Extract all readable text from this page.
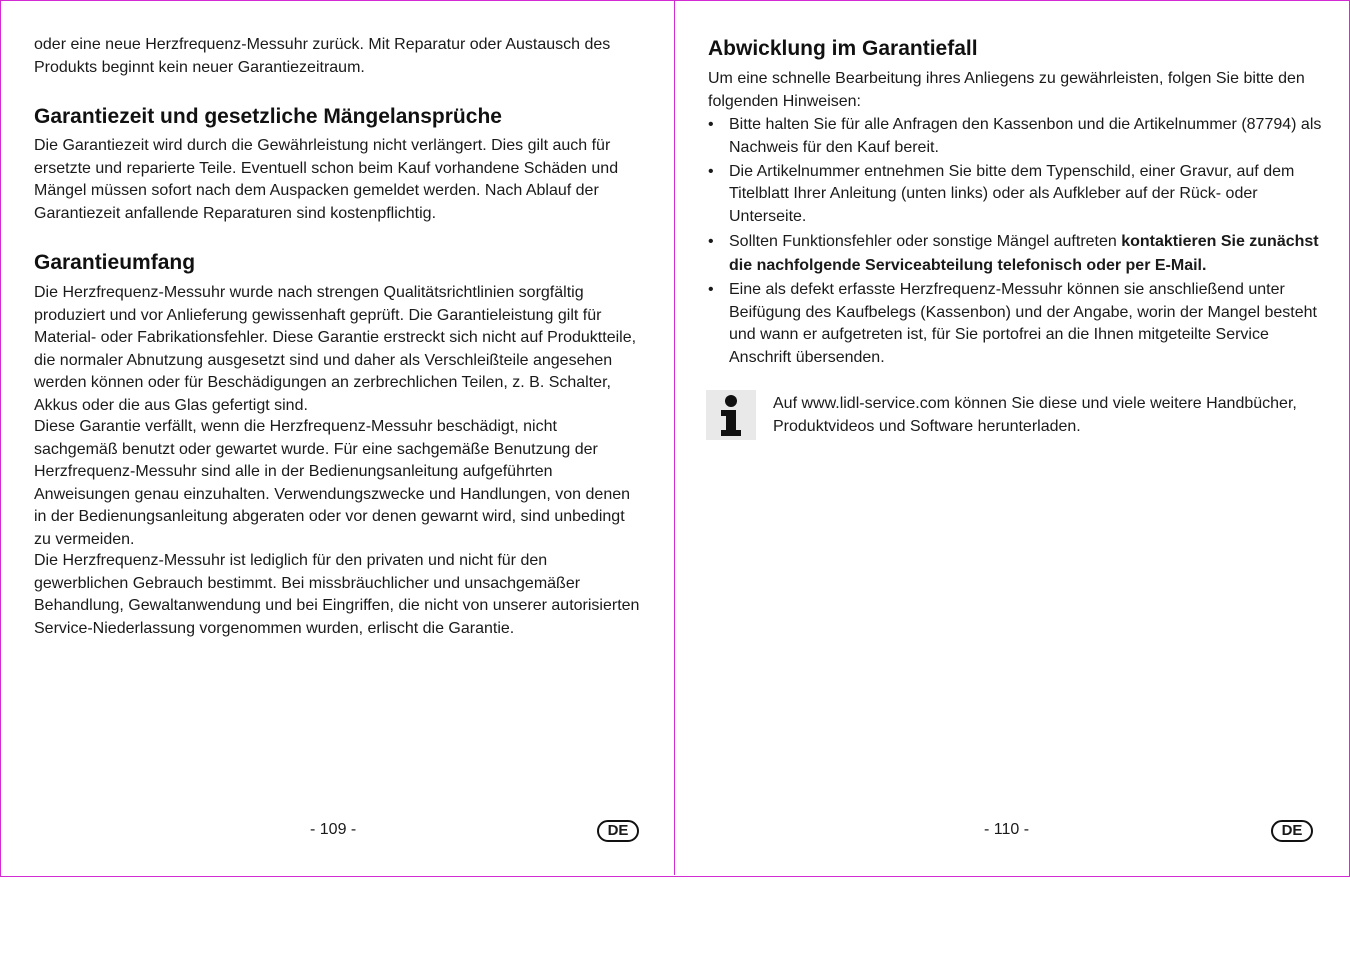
oder eine neue Herzfrequenz-Messuhr zurück. Mit Reparatur oder Austausch des Produkts beginnt kein neuer Garantiezeitraum.

Garantiezeit und gesetzliche Mängelansprüche

Die Garantiezeit wird durch die Gewährleistung nicht verlängert. Dies gilt auch für ersetzte und reparierte Teile. Eventuell schon beim Kauf vorhandene Schäden und Mängel müssen sofort nach dem Auspacken gemeldet werden. Nach Ablauf der Garantiezeit anfallende Reparaturen sind kostenpflichtig.

Garantieumfang

Die Herzfrequenz-Messuhr wurde nach strengen Qualitätsrichtlinien sorgfältig produziert und vor Anlieferung gewissenhaft geprüft. Die Garantieleistung gilt für Material- oder Fabrikationsfehler. Diese Garantie erstreckt sich nicht auf Produktteile, die normaler Abnutzung ausgesetzt sind und daher als Verschleißteile angesehen werden können oder für Beschädigungen an zerbrechlichen Teilen, z. B. Schalter, Akkus oder die aus Glas gefertigt sind.

Diese Garantie verfällt, wenn die Herzfrequenz-Messuhr beschädigt, nicht sachgemäß benutzt oder gewartet wurde. Für eine sachgemäße Benutzung der Herzfrequenz-Messuhr sind alle in der Bedienungsanleitung aufgeführten Anweisungen genau einzuhalten. Verwendungszwecke und Handlungen, von denen in der Bedienungsanleitung abgeraten oder vor denen gewarnt wird, sind unbedingt zu vermeiden.

Die Herzfrequenz-Messuhr ist lediglich für den privaten und nicht für den gewerblichen Gebrauch bestimmt. Bei missbräuchlicher und unsachgemäßer Behandlung, Gewaltanwendung und bei Eingriffen, die nicht von unserer autorisierten Service-Niederlassung vorgenommen wurden, erlischt die Garantie.

- 109 -	DE
Abwicklung im Garantiefall

Um eine schnelle Bearbeitung ihres Anliegens zu gewährleisten, folgen Sie bitte den folgenden Hinweisen:

• Bitte halten Sie für alle Anfragen den Kassenbon und die Artikelnummer (87794) als Nachweis für den Kauf bereit.
• Die Artikelnummer entnehmen Sie bitte dem Typenschild, einer Gravur, auf dem Titelblatt Ihrer Anleitung (unten links) oder als Aufkleber auf der Rück- oder Unterseite.
• Sollten Funktionsfehler oder sonstige Mängel auftreten kontaktieren Sie zunächst die nachfolgende Serviceabteilung telefonisch oder per E-Mail.
• Eine als defekt erfasste Herzfrequenz-Messuhr können sie anschließend unter Beifügung des Kaufbelegs (Kassenbon) und der Angabe, worin der Mangel besteht und wann er aufgetreten ist, für Sie portofrei an die Ihnen mitgeteilte Service Anschrift übersenden.

Auf www.lidl-service.com können Sie diese und viele weitere Handbücher, Produktvideos und Software herunterladen.

- 110 -	DE
